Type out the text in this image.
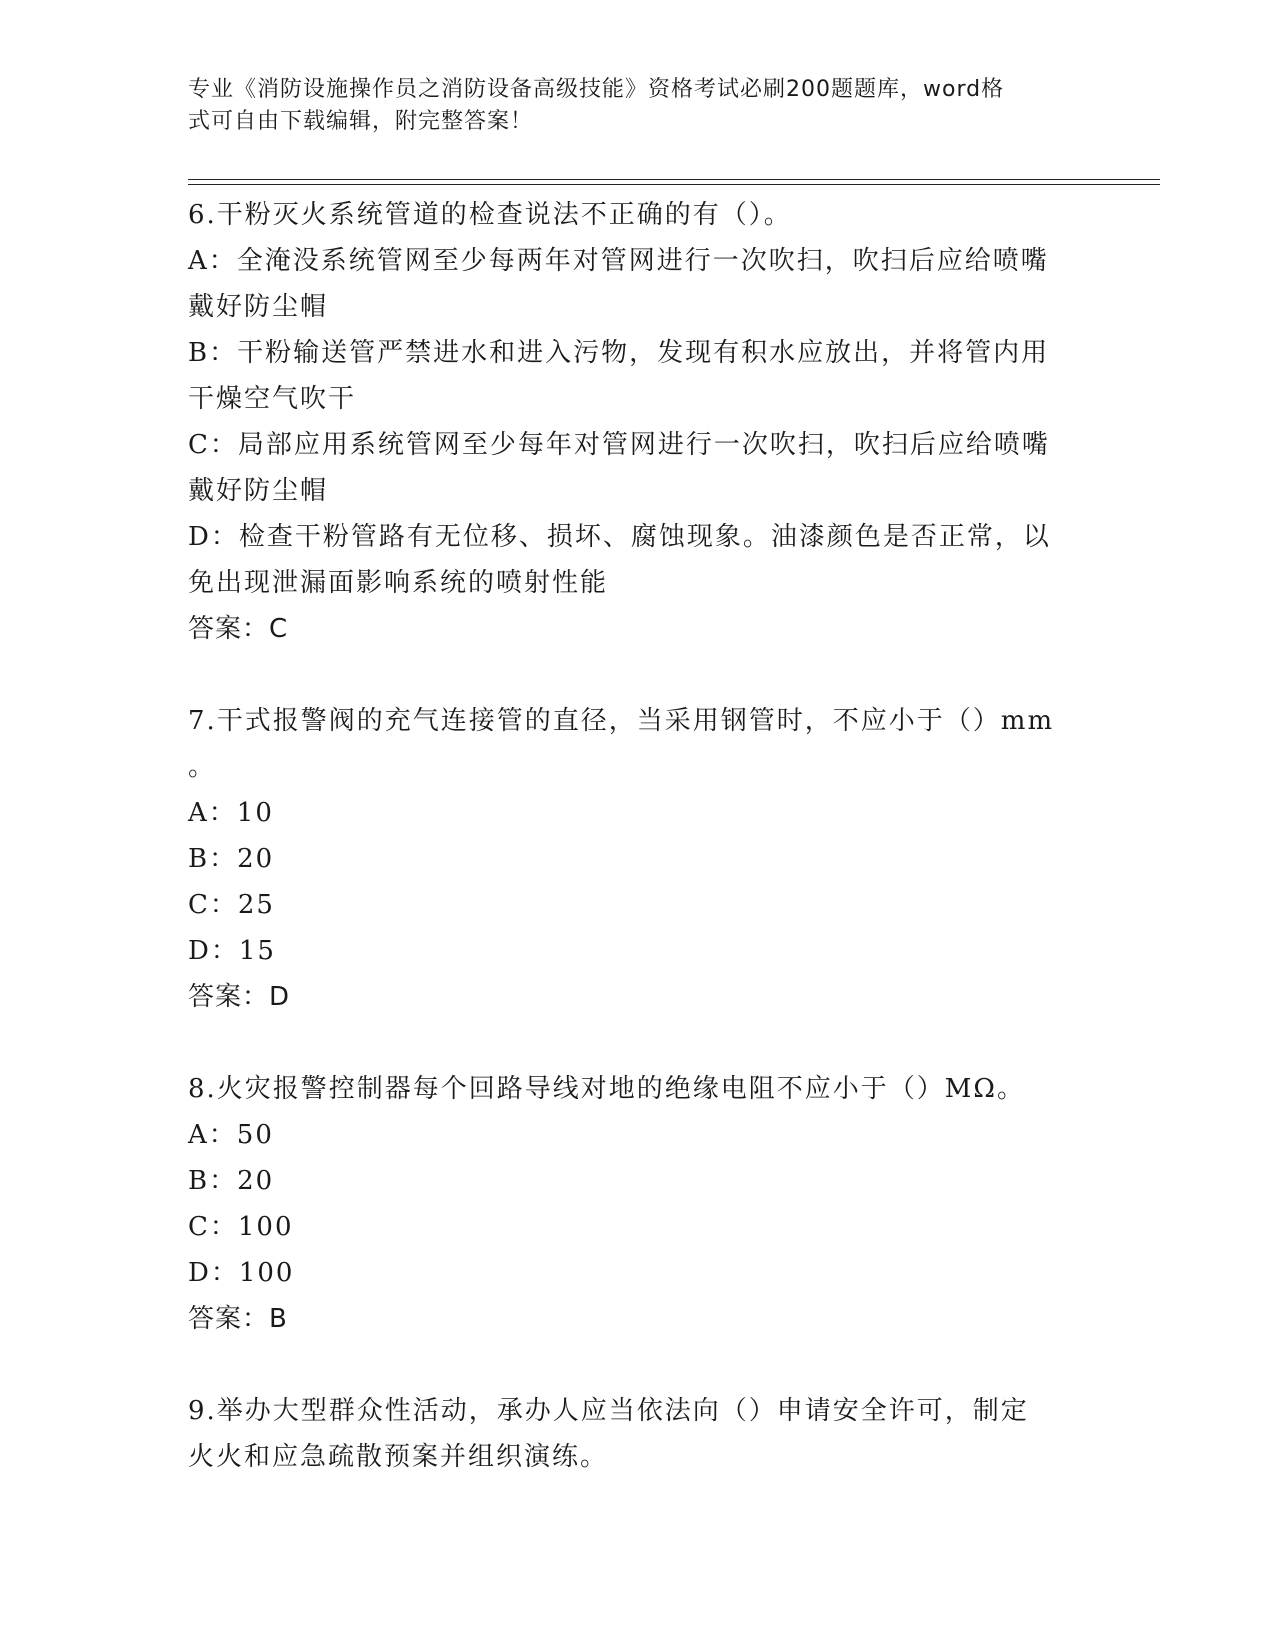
专业《消防设施操作员之消防设备高级技能》资格考试必刷200题题库，word格
式可自由下载编辑，附完整答案！
6.干粉灭火系统管道的检查说法不正确的有（）。
A：全淹没系统管网至少每两年对管网进行一次吹扫，吹扫后应给喷嘴
戴好防尘帽
B：干粉输送管严禁进水和进入污物，发现有积水应放出，并将管内用
干燥空气吹干
C：局部应用系统管网至少每年对管网进行一次吹扫，吹扫后应给喷嘴
戴好防尘帽
D：检查干粉管路有无位移、损坏、腐蚀现象。油漆颜色是否正常，以
免出现泄漏面影响系统的喷射性能
答案：C
7.干式报警阀的充气连接管的直径，当采用钢管时，不应小于（）mm
。
A：10
B：20
C：25
D：15
答案：D
8.火灾报警控制器每个回路导线对地的绝缘电阻不应小于（）MΩ。
A：50
B：20
C：100
D：100
答案：B
9.举办大型群众性活动，承办人应当依法向（）申请安全许可，制定
火火和应急疏散预案并组织演练。
